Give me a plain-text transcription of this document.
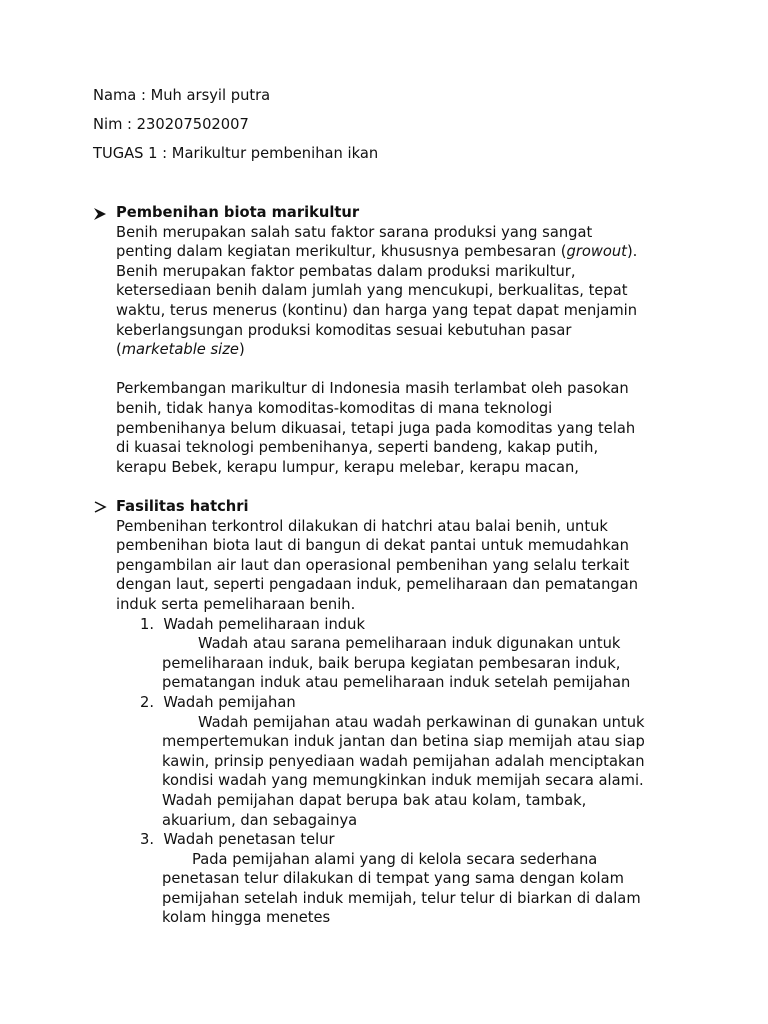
Nama : Muh arsyil putra
Nim : 230207502007
TUGAS 1 : Marikultur pembenihan ikan
Pembenihan biota marikultur
Benih merupakan salah satu faktor sarana produksi yang sangat
penting dalam kegiatan merikultur, khususnya pembesaran (growout).
Benih merupakan faktor pembatas dalam produksi marikultur,
ketersediaan benih dalam jumlah yang mencukupi, berkualitas, tepat
waktu, terus menerus (kontinu) dan harga yang tepat dapat menjamin
keberlangsungan produksi komoditas sesuai kebutuhan pasar
(marketable size)
Perkembangan marikultur di Indonesia masih terlambat oleh pasokan
benih, tidak hanya komoditas-komoditas di mana teknologi
pembenihanya belum dikuasai, tetapi juga pada komoditas yang telah
di kuasai teknologi pembenihanya, seperti bandeng, kakap putih,
kerapu Bebek, kerapu lumpur, kerapu melebar, kerapu macan,
Fasilitas hatchri
Pembenihan terkontrol dilakukan di hatchri atau balai benih, untuk
pembenihan biota laut di bangun di dekat pantai untuk memudahkan
pengambilan air laut dan operasional pembenihan yang selalu terkait
dengan laut, seperti pengadaan induk, pemeliharaan dan pematangan
induk serta pemeliharaan benih.
1. Wadah pemeliharaan induk
Wadah atau sarana pemeliharaan induk digunakan untuk
pemeliharaan induk, baik berupa kegiatan pembesaran induk,
pematangan induk atau pemeliharaan induk setelah pemijahan
2. Wadah pemijahan
Wadah pemijahan atau wadah perkawinan di gunakan untuk
mempertemukan induk jantan dan betina siap memijah atau siap
kawin, prinsip penyediaan wadah pemijahan adalah menciptakan
kondisi wadah yang memungkinkan induk memijah secara alami.
Wadah pemijahan dapat berupa bak atau kolam, tambak,
akuarium, dan sebagainya
3. Wadah penetasan telur
Pada pemijahan alami yang di kelola secara sederhana
penetasan telur dilakukan di tempat yang sama dengan kolam
pemijahan setelah induk memijah, telur telur di biarkan di dalam
kolam hingga menetes
